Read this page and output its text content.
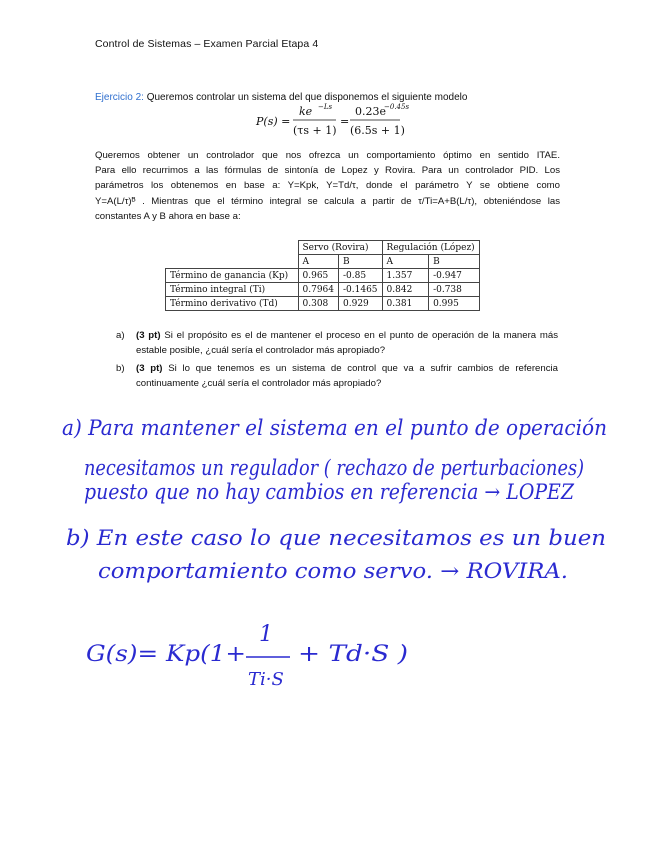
Control de Sistemas – Examen Parcial Etapa 4
Ejercicio 2: Queremos controlar un sistema del que disponemos el siguiente modelo
P(s) =
ke −Ls
(τs + 1)
=
0.23e
−0.45s
(6.5s + 1)
Queremos obtener un controlador que nos ofrezca un comportamiento óptimo en sentido ITAE.
Para ello recurrimos a las fórmulas de sintonía de Lopez y Rovira. Para un controlador PID. Los
parámetros los obtenemos en base a: Y=Kpk, Y=Td/τ, donde el parámetro Y se obtiene como
Y=A(L/τ)ᴮ . Mientras que el término integral se calcula a partir de τ/Ti=A+B(L/τ), obteniéndose las
constantes A y B ahora en base a:
	Servo (Rovira)		Regulación (López)	
	A	B	A	B
Término de ganancia (Kp)	0.965	-0.85	1.357	-0.947
Término integral (Ti)	0.7964	-0.1465	0.842	-0.738
Término derivativo (Td)	0.308	0.929	0.381	0.995
a) (3 pt) Si el propósito es el de mantener el proceso en el punto de operación de la manera más estable posible, ¿cuál sería el controlador más apropiado?
b) (3 pt) Si lo que tenemos es un sistema de control que va a sufrir cambios de referencia continuamente ¿cuál sería el controlador más apropiado?
a) Para mantener el sistema en el punto de operación
necesitamos un regulador ( rechazo de perturbaciones)
puesto que no hay cambios en referencia → LOPEZ
b) En este caso lo que necesitamos es un buen
comportamiento como servo. → ROVIRA.
G(s)= Kp(1+
1
Ti·S
+ Td·S )
